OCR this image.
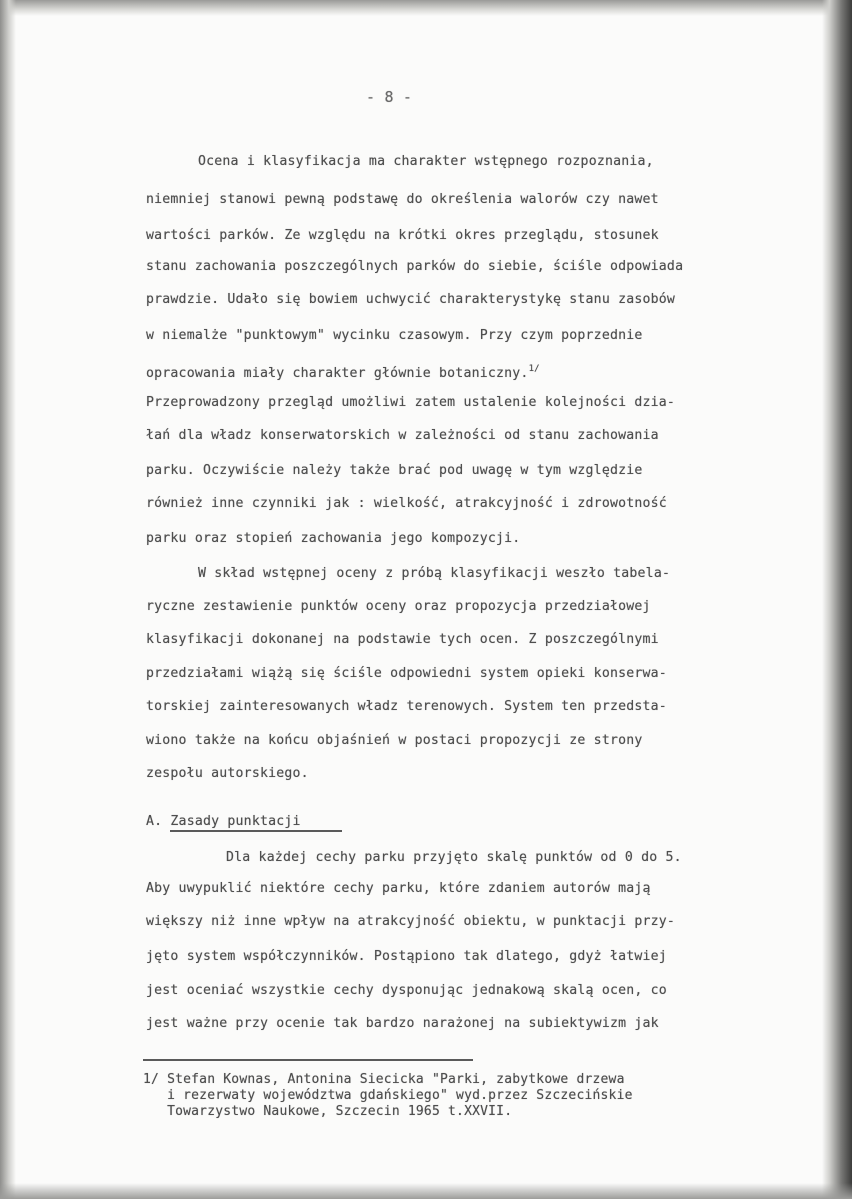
- 8 -

Ocena i klasyfikacja ma charakter wstępnego rozpoznania,

niemniej stanowi pewną podstawę do określenia walorów czy nawet

wartości parków. Ze względu na krótki okres przeglądu, stosunek

stanu zachowania poszczególnych parków do siebie, ściśle odpowiada

prawdzie. Udało się bowiem uchwycić charakterystykę stanu zasobów

w niemalże "punktowym" wycinku czasowym. Przy czym poprzednie

opracowania miały charakter głównie botaniczny.$^{1/}$

Przeprowadzony przegląd umożliwi zatem ustalenie kolejności dzia-

łań dla władz konserwatorskich w zależności od stanu zachowania

parku. Oczywiście należy także brać pod uwagę w tym względzie

również inne czynniki jak : wielkość, atrakcyjność i zdrowotność

parku oraz stopień zachowania jego kompozycji.

W skład wstępnej oceny z próbą klasyfikacji weszło tabela-

ryczne zestawienie punktów oceny oraz propozycja przedziałowej

klasyfikacji dokonanej na podstawie tych ocen. Z poszczególnymi

przedziałami wiążą się ściśle odpowiedni system opieki konserwa-

torskiej zainteresowanych władz terenowych. System ten przedsta-

wiono także na końcu objaśnień w postaci propozycji ze strony

zespołu autorskiego.

A. Zasady punktacji

Dla każdej cechy parku przyjęto skalę punktów od 0 do 5.

Aby uwypuklić niektóre cechy parku, które zdaniem autorów mają

większy niż inne wpływ na atrakcyjność obiektu, w punktacji przy-

jęto system współczynników. Postąpiono tak dlatego, gdyż łatwiej

jest oceniać wszystkie cechy dysponując jednakową skalą ocen, co

jest ważne przy ocenie tak bardzo narażonej na subiektywizm jak

1/ Stefan Kownas, Antonina Siecicka "Parki, zabytkowe drzewa

i rezerwaty województwa gdańskiego" wyd.przez Szczecińskie

Towarzystwo Naukowe, Szczecin 1965 t.XXVII.
